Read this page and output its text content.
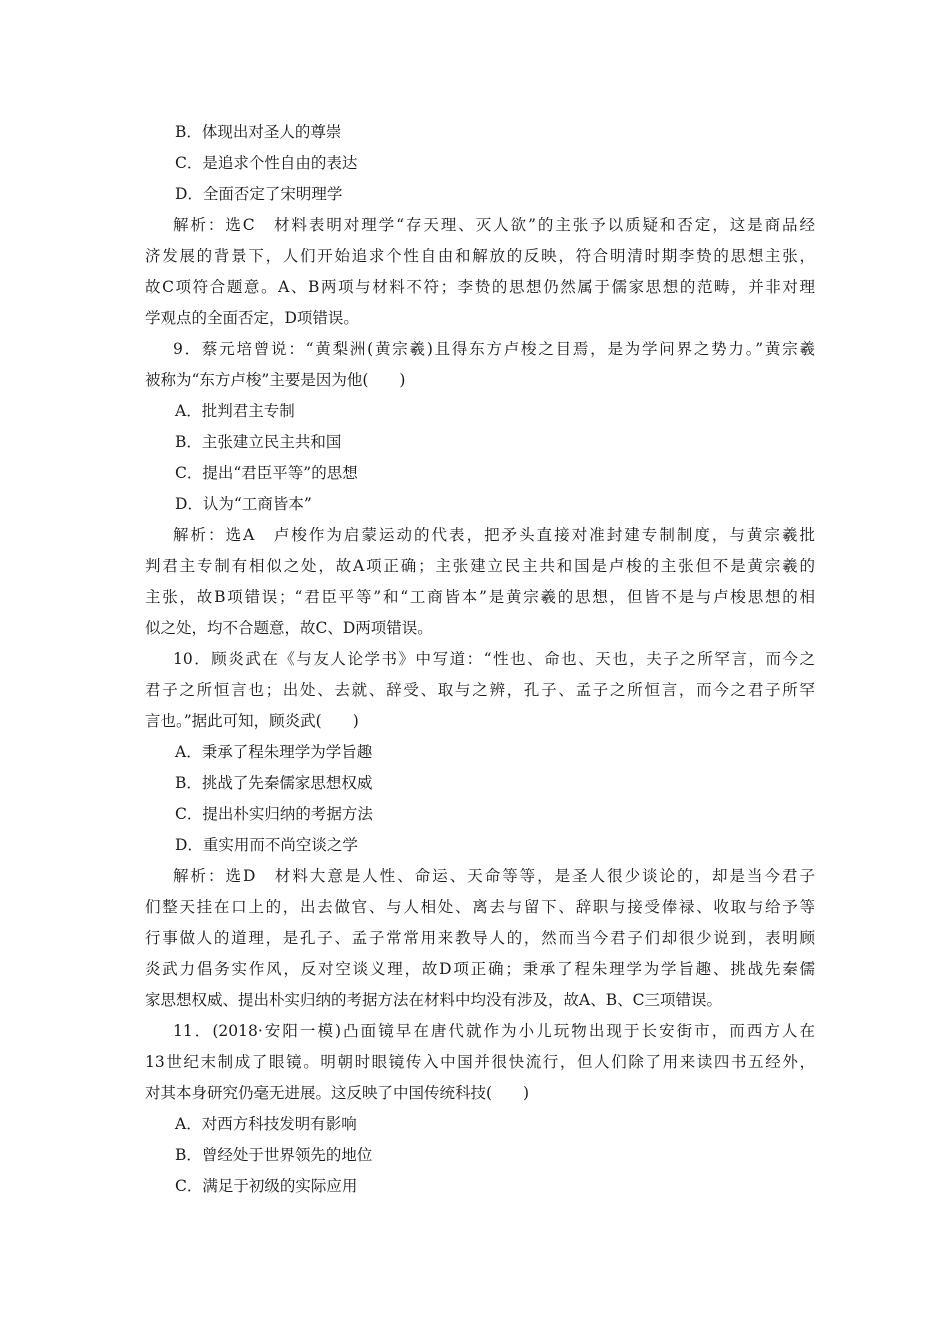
B．体现出对圣人的尊崇
C．是追求个性自由的表达
D．全面否定了宋明理学
解析：选C　材料表明对理学“存天理、灭人欲”的主张予以质疑和否定，这是商品经
济发展的背景下，人们开始追求个性自由和解放的反映，符合明清时期李贽的思想主张，
故C项符合题意。A、B两项与材料不符；李贽的思想仍然属于儒家思想的范畴，并非对理
学观点的全面否定，D项错误。
9．蔡元培曾说：“黄梨洲(黄宗羲)且得东方卢梭之目焉，是为学问界之势力。”黄宗羲
被称为“东方卢梭”主要是因为他(　　)
A．批判君主专制
B．主张建立民主共和国
C．提出“君臣平等”的思想
D．认为“工商皆本”
解析：选A　卢梭作为启蒙运动的代表，把矛头直接对准封建专制制度，与黄宗羲批
判君主专制有相似之处，故A项正确；主张建立民主共和国是卢梭的主张但不是黄宗羲的
主张，故B项错误；“君臣平等”和“工商皆本”是黄宗羲的思想，但皆不是与卢梭思想的相
似之处，均不合题意，故C、D两项错误。
10．顾炎武在《与友人论学书》中写道：“性也、命也、天也，夫子之所罕言，而今之
君子之所恒言也；出处、去就、辞受、取与之辨，孔子、孟子之所恒言，而今之君子所罕
言也。”据此可知，顾炎武(　　)
A．秉承了程朱理学为学旨趣
B．挑战了先秦儒家思想权威
C．提出朴实归纳的考据方法
D．重实用而不尚空谈之学
解析：选D　材料大意是人性、命运、天命等等，是圣人很少谈论的，却是当今君子
们整天挂在口上的，出去做官、与人相处、离去与留下、辞职与接受俸禄、收取与给予等
行事做人的道理，是孔子、孟子常常用来教导人的，然而当今君子们却很少说到，表明顾
炎武力倡务实作风，反对空谈义理，故D项正确；秉承了程朱理学为学旨趣、挑战先秦儒
家思想权威、提出朴实归纳的考据方法在材料中均没有涉及，故A、B、C三项错误。
11．(2018·安阳一模)凸面镜早在唐代就作为小儿玩物出现于长安街市，而西方人在
13世纪末制成了眼镜。明朝时眼镜传入中国并很快流行，但人们除了用来读四书五经外，
对其本身研究仍毫无进展。这反映了中国传统科技(　　)
A．对西方科技发明有影响
B．曾经处于世界领先的地位
C．满足于初级的实际应用
